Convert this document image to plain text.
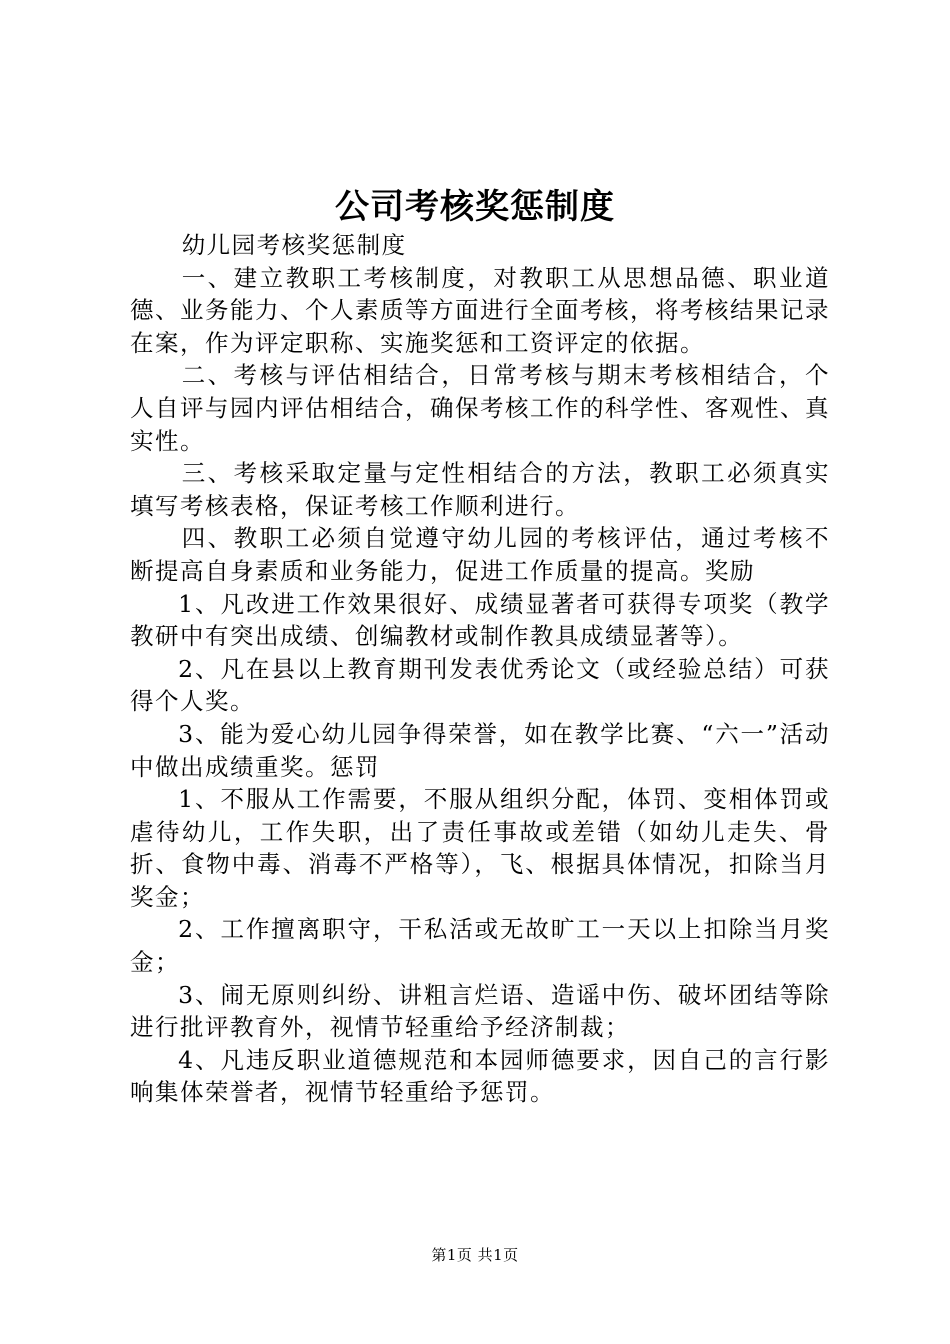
公司考核奖惩制度

幼儿园考核奖惩制度

一、建立教职工考核制度，对教职工从思想品德、职业道德、业务能力、个人素质等方面进行全面考核，将考核结果记录在案，作为评定职称、实施奖惩和工资评定的依据。

二、考核与评估相结合，日常考核与期末考核相结合，个人自评与园内评估相结合，确保考核工作的科学性、客观性、真实性。

三、考核采取定量与定性相结合的方法，教职工必须真实填写考核表格，保证考核工作顺利进行。

四、教职工必须自觉遵守幼儿园的考核评估，通过考核不断提高自身素质和业务能力，促进工作质量的提高。奖励

1、凡改进工作效果很好、成绩显著者可获得专项奖（教学教研中有突出成绩、创编教材或制作教具成绩显著等）。

2、凡在县以上教育期刊发表优秀论文（或经验总结）可获得个人奖。

3、能为爱心幼儿园争得荣誉，如在教学比赛、“六一”活动中做出成绩重奖。惩罚

1、不服从工作需要，不服从组织分配，体罚、变相体罚或虐待幼儿，工作失职，出了责任事故或差错（如幼儿走失、骨折、食物中毒、消毒不严格等），飞、根据具体情况，扣除当月奖金；

2、工作擅离职守，干私活或无故旷工一天以上扣除当月奖金；

3、闹无原则纠纷、讲粗言烂语、造谣中伤、破坏团结等除进行批评教育外，视情节轻重给予经济制裁；

4、凡违反职业道德规范和本园师德要求，因自己的言行影响集体荣誉者，视情节轻重给予惩罚。

第1页 共1页
